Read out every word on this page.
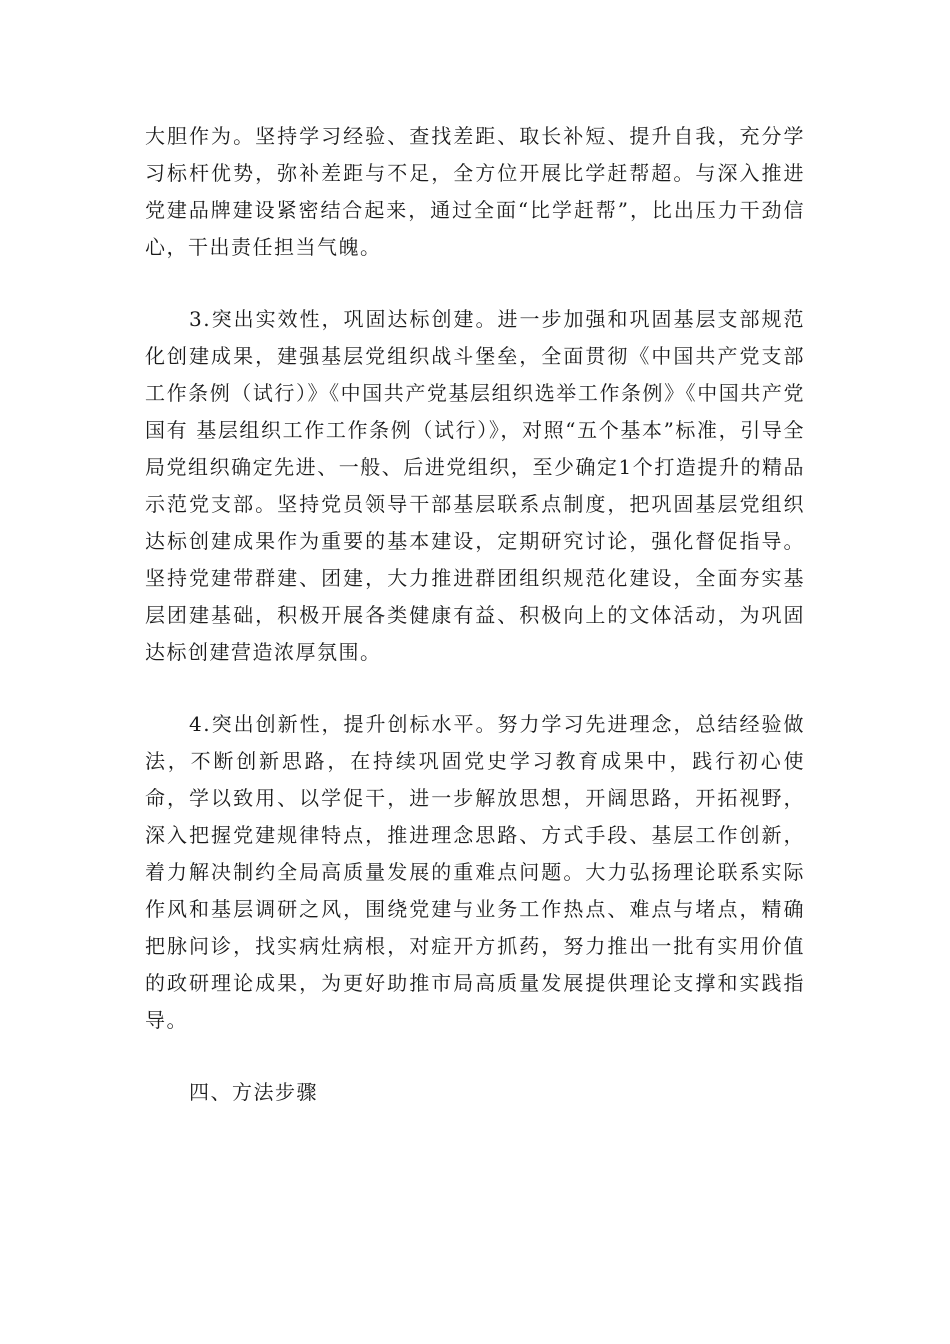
大胆作为。坚持学习经验、查找差距、取长补短、提升自我，充分学习标杆优势，弥补差距与不足，全方位开展比学赶帮超。与深入推进党建品牌建设紧密结合起来，通过全面“比学赶帮”，比出压力干劲信心，干出责任担当气魄。

3.突出实效性，巩固达标创建。进一步加强和巩固基层支部规范化创建成果，建强基层党组织战斗堡垒，全面贯彻《中国共产党支部工作条例（试行）》《中国共产党基层组织选举工作条例》《中国共产党国有 基层组织工作工作条例（试行）》，对照“五个基本”标准，引导全局党组织确定先进、一般、后进党组织，至少确定1个打造提升的精品示范党支部。坚持党员领导干部基层联系点制度，把巩固基层党组织达标创建成果作为重要的基本建设，定期研究讨论，强化督促指导。坚持党建带群建、团建，大力推进群团组织规范化建设，全面夯实基层团建基础，积极开展各类健康有益、积极向上的文体活动，为巩固达标创建营造浓厚氛围。

4.突出创新性，提升创标水平。努力学习先进理念，总结经验做法，不断创新思路，在持续巩固党史学习教育成果中，践行初心使命，学以致用、以学促干，进一步解放思想，开阔思路，开拓视野，深入把握党建规律特点，推进理念思路、方式手段、基层工作创新，着力解决制约全局高质量发展的重难点问题。大力弘扬理论联系实际作风和基层调研之风，围绕党建与业务工作热点、难点与堵点，精确把脉问诊，找实病灶病根，对症开方抓药，努力推出一批有实用价值的政研理论成果，为更好助推市局高质量发展提供理论支撑和实践指导。

四、方法步骤
